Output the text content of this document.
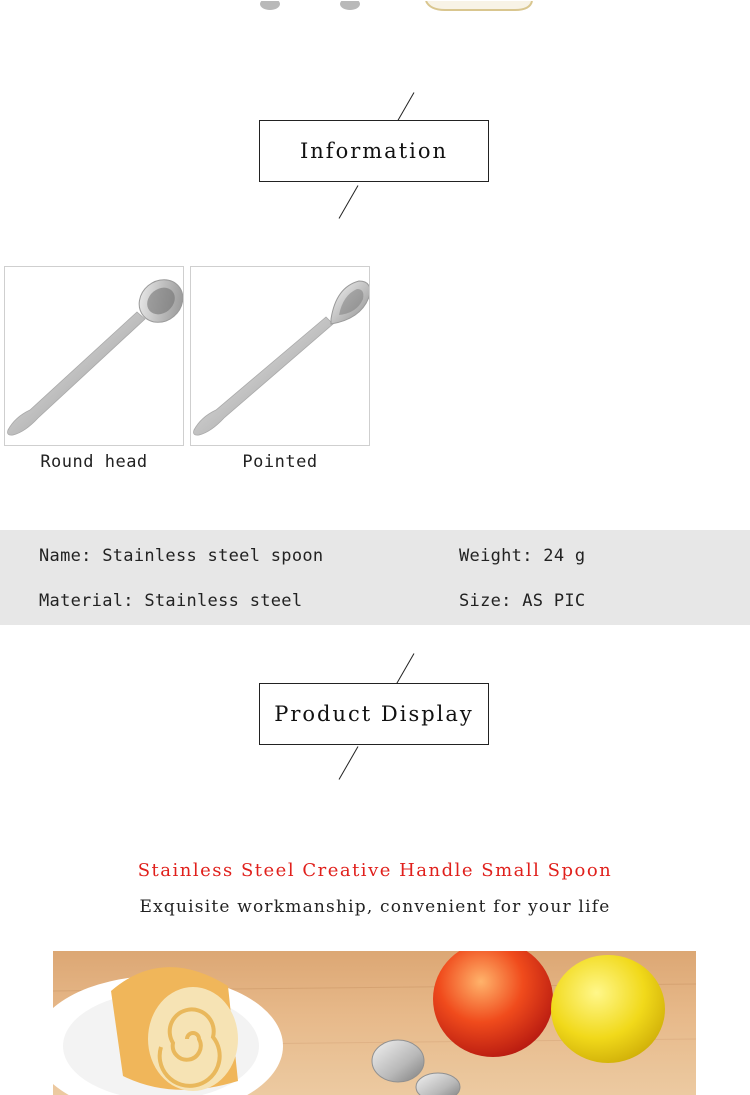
Information
Round head	Pointed
Name: Stainless steel spoon	Weight: 24 g
Material: Stainless steel	Size: AS PIC
Product Display
Stainless Steel Creative Handle Small Spoon
Exquisite workmanship, convenient for your life
